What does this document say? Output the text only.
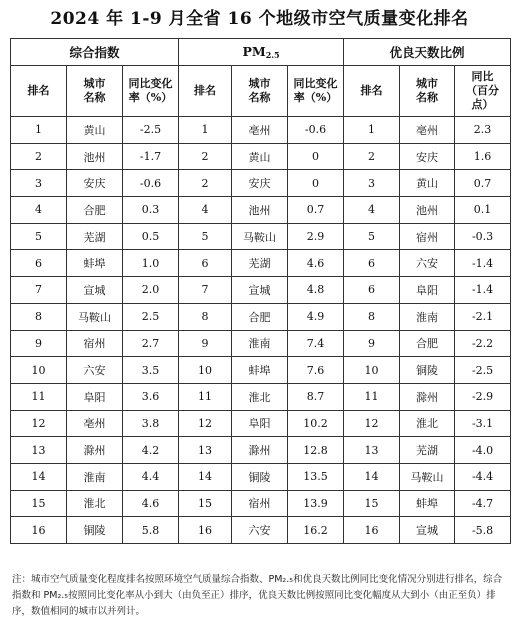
2024 年 1-9 月全省 16 个地级市空气质量变化排名
综合指数			$PM_{2.5}$			优良天数比例		
排名	城市名称	同比变化率（%）	排名	城市名称	同比变化率（%）	排名	城市名称	同比（百分点）

1	黄山	-2.5	1	亳州	-0.6	1	亳州	2.3
2	池州	-1.7	2	黄山	0	2	安庆	1.6
3	安庆	-0.6	2	安庆	0	3	黄山	0.7
4	合肥	0.3	4	池州	0.7	4	池州	0.1
5	芜湖	0.5	5	马鞍山	2.9	5	宿州	-0.3
6	蚌埠	1.0	6	芜湖	4.6	6	六安	-1.4
7	宣城	2.0	7	宣城	4.8	6	阜阳	-1.4
8	马鞍山	2.5	8	合肥	4.9	8	淮南	-2.1
9	宿州	2.7	9	淮南	7.4	9	合肥	-2.2
10	六安	3.5	10	蚌埠	7.6	10	铜陵	-2.5
11	阜阳	3.6	11	淮北	8.7	11	滁州	-2.9
12	亳州	3.8	12	阜阳	10.2	12	淮北	-3.1
13	滁州	4.2	13	滁州	12.8	13	芜湖	-4.0
14	淮南	4.4	14	铜陵	13.5	14	马鞍山	-4.4
15	淮北	4.6	15	宿州	13.9	15	蚌埠	-4.7
16	铜陵	5.8	16	六安	16.2	16	宣城	-5.8
注：城市空气质量变化程度排名按照环境空气质量综合指数、PM₂.₅和优良天数比例同比变化情况分别进行排名，综合指数和 PM₂.₅按照同比变化率从小到大（由负至正）排序，优良天数比例按照同比变化幅度从大到小（由正至负）排序，数值相同的城市以并列计。
